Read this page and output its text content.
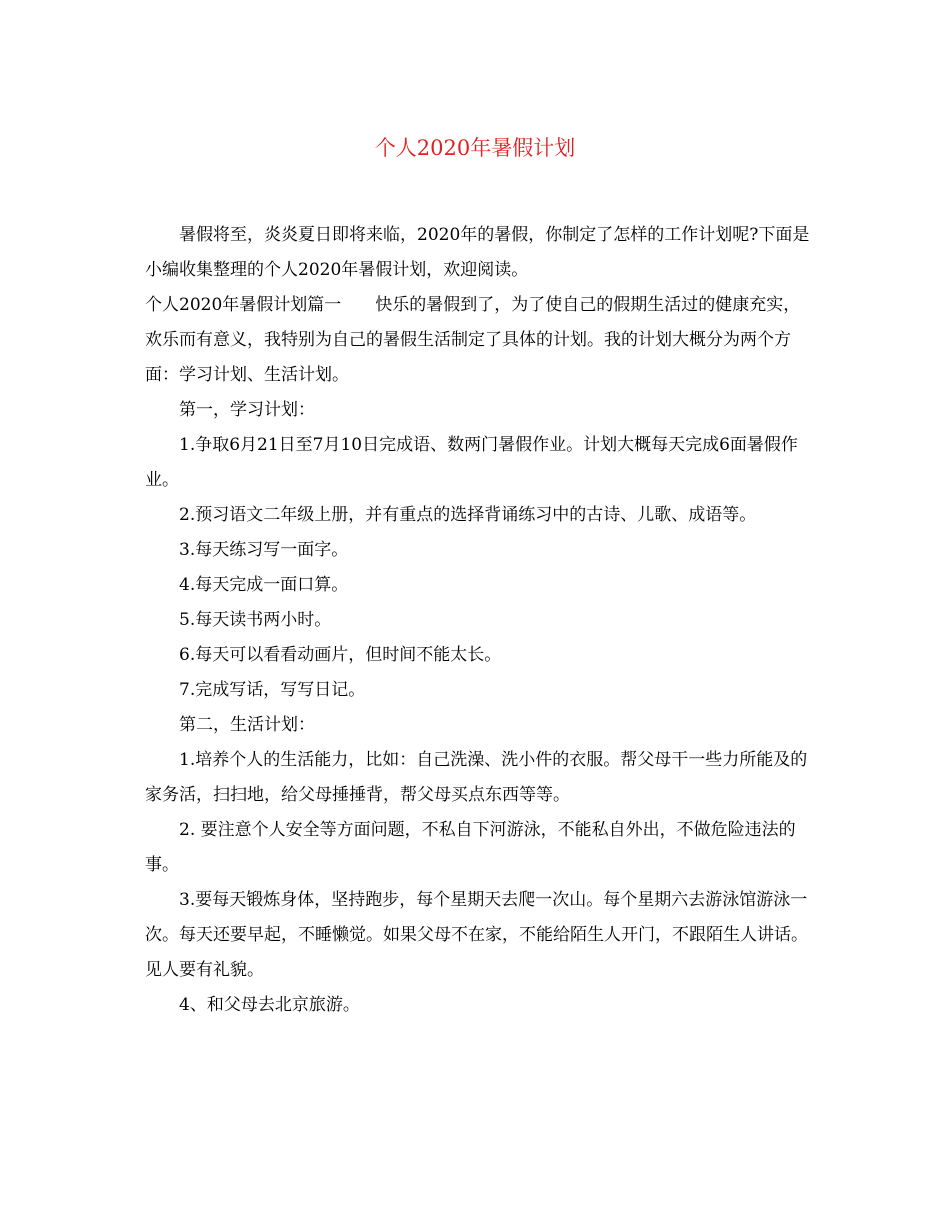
个人2020年暑假计划

暑假将至，炎炎夏日即将来临，2020年的暑假，你制定了怎样的工作计划呢?下面是小编收集整理的个人2020年暑假计划，欢迎阅读。

个人2020年暑假计划篇一　　快乐的暑假到了，为了使自己的假期生活过的健康充实，欢乐而有意义，我特别为自己的暑假生活制定了具体的计划。我的计划大概分为两个方面：学习计划、生活计划。

第一，学习计划：

1.争取6月21日至7月10日完成语、数两门暑假作业。计划大概每天完成6面暑假作业。

2.预习语文二年级上册，并有重点的选择背诵练习中的古诗、儿歌、成语等。

3.每天练习写一面字。

4.每天完成一面口算。

5.每天读书两小时。

6.每天可以看看动画片，但时间不能太长。

7.完成写话，写写日记。

第二，生活计划：

1.培养个人的生活能力，比如：自己洗澡、洗小件的衣服。帮父母干一些力所能及的家务活，扫扫地，给父母捶捶背，帮父母买点东西等等。

2. 要注意个人安全等方面问题，不私自下河游泳，不能私自外出，不做危险违法的事。

3.要每天锻炼身体，坚持跑步，每个星期天去爬一次山。每个星期六去游泳馆游泳一次。每天还要早起，不睡懒觉。如果父母不在家，不能给陌生人开门，不跟陌生人讲话。见人要有礼貌。

4、和父母去北京旅游。
